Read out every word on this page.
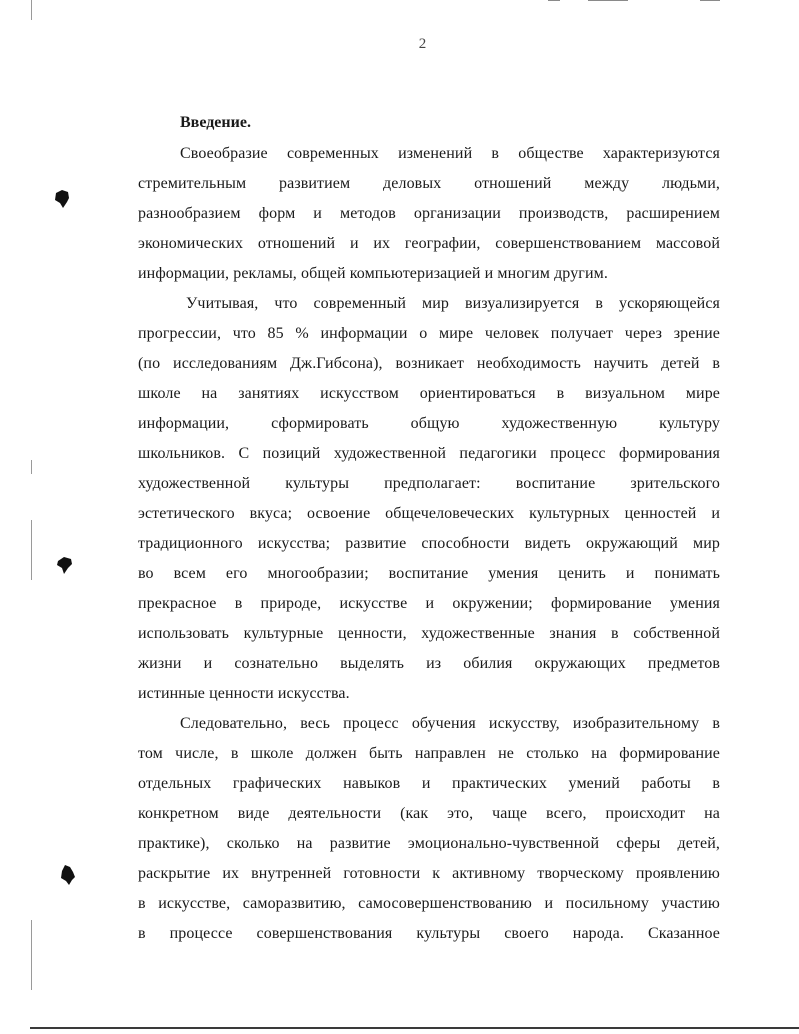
2
Введение.
Своеобразие современных изменений в обществе характеризуются
стремительным развитием деловых отношений между людьми,
разнообразием форм и методов организации производств, расширением
экономических отношений и их географии, совершенствованием массовой
информации, рекламы, общей компьютеризацией и многим другим.
Учитывая, что современный мир визуализируется в ускоряющейся
прогрессии, что 85 % информации о мире человек получает через зрение
(по исследованиям Дж.Гибсона), возникает необходимость научить детей в
школе на занятиях искусством ориентироваться в визуальном мире
информации, сформировать общую художественную культуру
школьников. С позиций художественной педагогики процесс формирования
художественной культуры предполагает: воспитание зрительского
эстетического вкуса; освоение общечеловеческих культурных ценностей и
традиционного искусства; развитие способности видеть окружающий мир
во всем его многообразии; воспитание умения ценить и понимать
прекрасное в природе, искусстве и окружении; формирование умения
использовать культурные ценности, художественные знания в собственной
жизни и сознательно выделять из обилия окружающих предметов
истинные ценности искусства.
Следовательно, весь процесс обучения искусству, изобразительному в
том числе, в школе должен быть направлен не столько на формирование
отдельных графических навыков и практических умений работы в
конкретном виде деятельности (как это, чаще всего, происходит на
практике), сколько на развитие эмоционально-чувственной сферы детей,
раскрытие их внутренней готовности к активному творческому проявлению
в искусстве, саморазвитию, самосовершенствованию и посильному участию
в процессе совершенствования культуры своего народа. Сказанное
